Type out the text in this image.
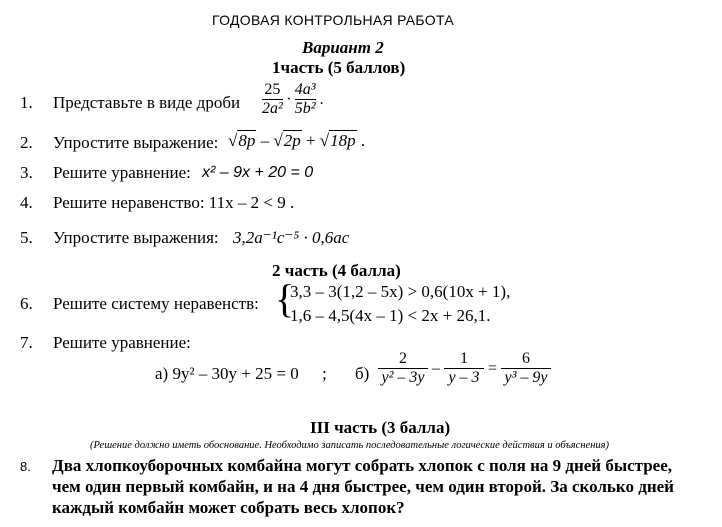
ГОДОВАЯ КОНТРОЛЬНАЯ РАБОТА
Вариант 2
1часть (5 баллов)
1. Представьте в виде дроби $\frac{25}{\text{2a²}} \cdot \frac{\text{4a³}}{\text{5b²}}$ .
2. Упростите выражение: √8p – √2p + √18p .
3. Решите уравнение: x² – 9x + 20 = 0
4. Решите неравенство: 11x – 2 < 9 .
5. Упростите выражения: 3,2a⁻¹c⁻⁵ · 0,6ac
2 часть (4 балла)
6. Решите систему неравенств: {
3,3 – 3(1,2 – 5x) > 0,6(10x + 1),
1,6 – 4,5(4x – 1) < 2x + 26,1.
7. Решите уравнение:
а) 9y² – 30y + 25 = 0 ; $б) \frac{2}{\text{y² – 3y}} - \frac{1}{y - 3} = \frac{6}{\text{y³ – 9y}}$
III часть (3 балла)
(Решение должно иметь обоснование. Необходимо записать последовательные логические действия и объяснения)
8. Два хлопкоуборочных комбайна могут собрать хлопок с поля на 9 дней быстрее,
чем один первый комбайн, и на 4 дня быстрее, чем один второй. За сколько дней
каждый комбайн может собрать весь хлопок?
